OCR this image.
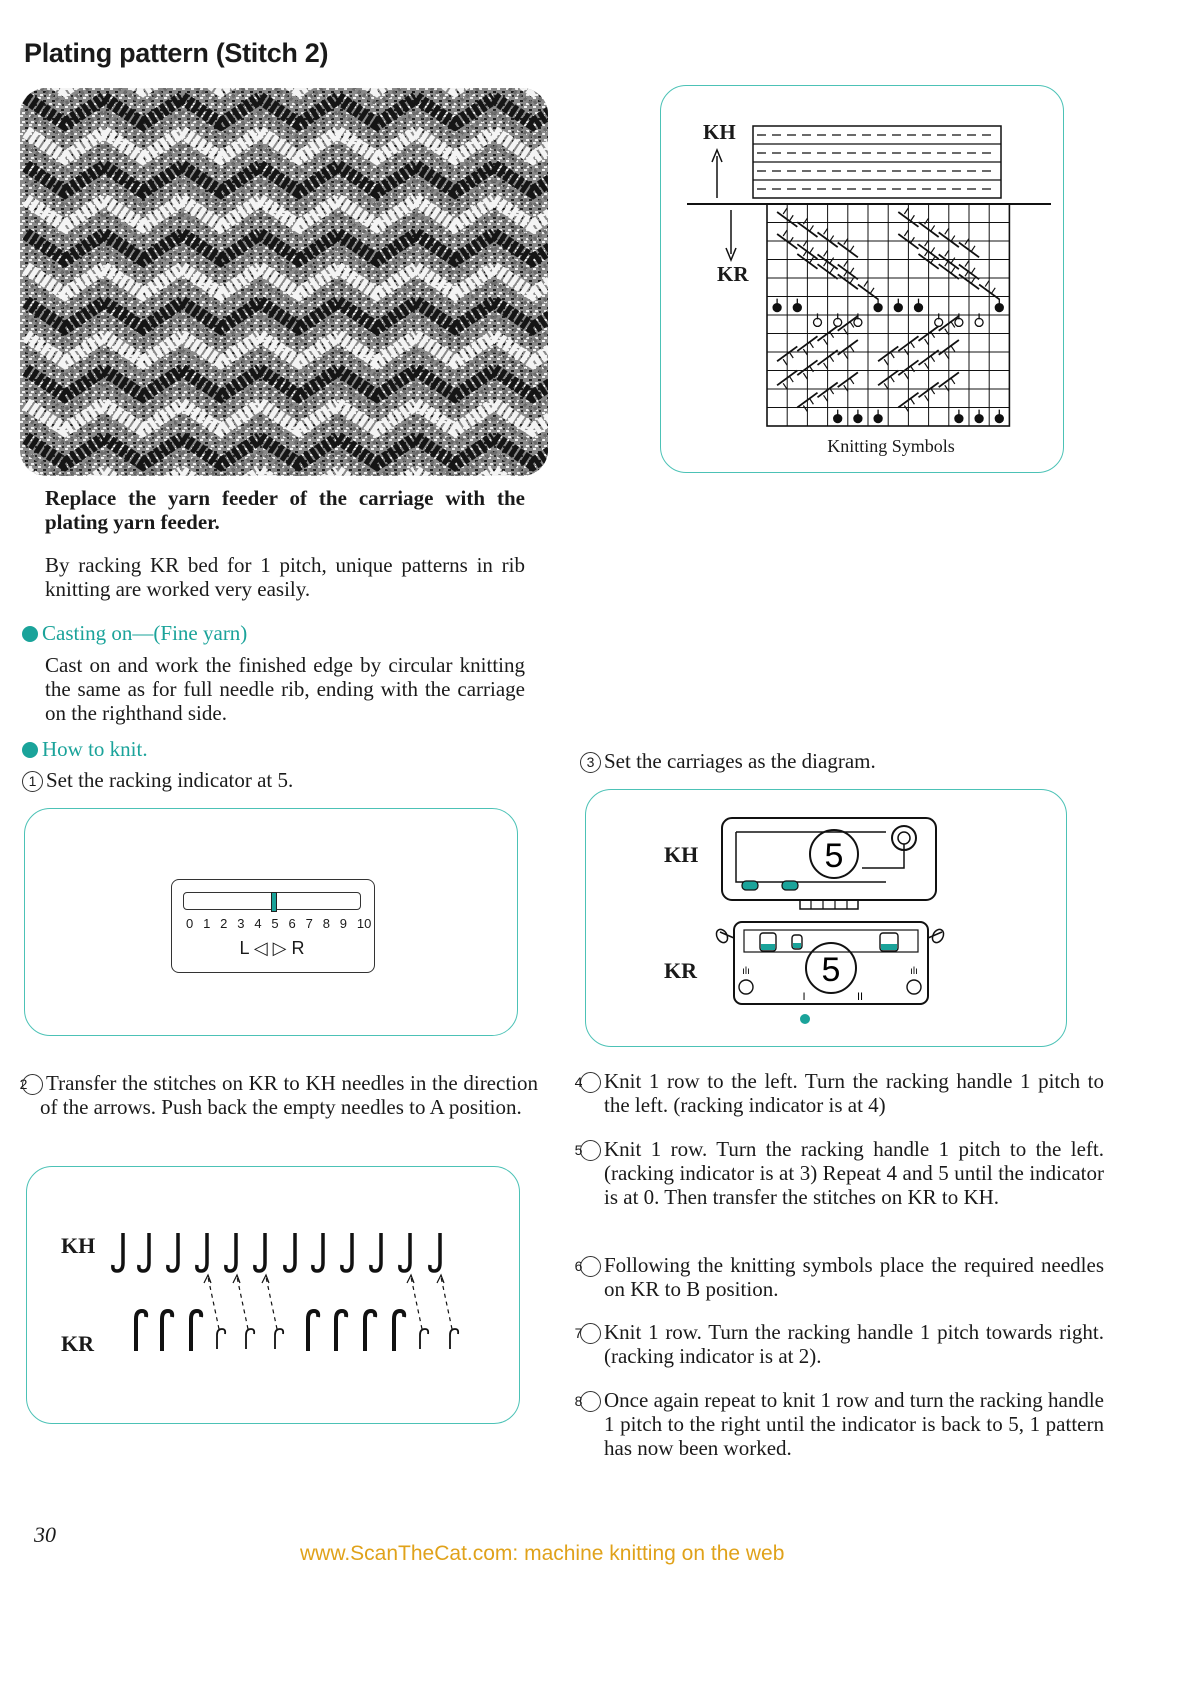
Plating pattern (Stitch 2)
Replace the yarn feeder of the carriage with the plating yarn feeder.
By racking KR bed for 1 pitch, unique patterns in rib knitting are worked very easily.
Casting on—(Fine yarn)
Cast on and work the finished edge by circular knitting the same as for full needle rib, ending with the carriage on the righthand side.
How to knit.
1 Set the racking indicator at 5.
0 1 2 3 4 5 6 7 8 9 10
L ◁ ▷ R
2 Transfer the stitches on KR to KH needles in the direction of the arrows. Push back the empty needles to A position.
KH
KR
KH
KR
Knitting Symbols
3 Set the carriages as the diagram.
KH
KR
5
5
ılı	ılı
I	II
4 Knit 1 row to the left. Turn the racking handle 1 pitch to the left. (racking indicator is at 4)
5 Knit 1 row. Turn the racking handle 1 pitch to the left. (racking indicator is at 3) Repeat 4 and 5 until the indicator is at 0. Then transfer the stitches on KR to KH.
6 Following the knitting symbols place the required needles on KR to B position.
7 Knit 1 row. Turn the racking handle 1 pitch towards right. (racking indicator is at 2).
8 Once again repeat to knit 1 row and turn the racking handle 1 pitch to the right until the indicator is back to 5, 1 pattern has now been worked.
30
www.ScanTheCat.com: machine knitting on the web
